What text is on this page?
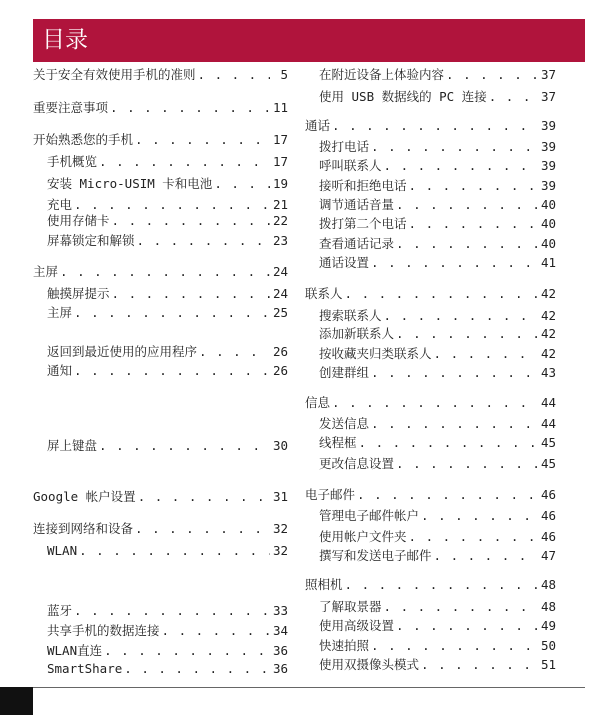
目录
关于安全有效使用手机的准则 . . .	5
重要注意事项 . . .	11
开始熟悉您的手机 . . .	17
手机概览 . . .	17
安装 Micro-USIM 卡和电池 . . .	19
充电 . . .	21
使用存储卡 . . .	22
屏幕锁定和解锁 . . .	23
主屏 . . .	24
触摸屏提示 . . .	24
主屏 . . .	25
返回到最近使用的应用程序 . . .	26
通知 . . .	26
屏上键盘 . . .	30
Google 帐户设置 . . .	31
连接到网络和设备 . . .	32
WLAN . . .	32
蓝牙 . . .	33
共享手机的数据连接 . . .	34
WLAN直连 . . .	36
SmartShare . . .	36
在附近设备上体验内容 . . .	37
使用 USB 数据线的 PC 连接 . . .	37
通话 . . .	39
拨打电话 . . .	39
呼叫联系人 . . .	39
接听和拒绝电话 . . .	39
调节通话音量 . . .	40
拨打第二个电话 . . .	40
查看通话记录 . . .	40
通话设置 . . .	41
联系人 . . .	42
搜索联系人 . . .	42
添加新联系人 . . .	42
按收藏夹归类联系人 . . .	42
创建群组 . . .	43
信息 . . .	44
发送信息 . . .	44
线程框 . . .	45
更改信息设置 . . .	45
电子邮件 . . .	46
管理电子邮件帐户 . . .	46
使用帐户文件夹 . . .	46
撰写和发送电子邮件 . . .	47
照相机 . . .	48
了解取景器 . . .	48
使用高级设置 . . .	49
快速拍照 . . .	50
使用双摄像头模式 . . .	51
